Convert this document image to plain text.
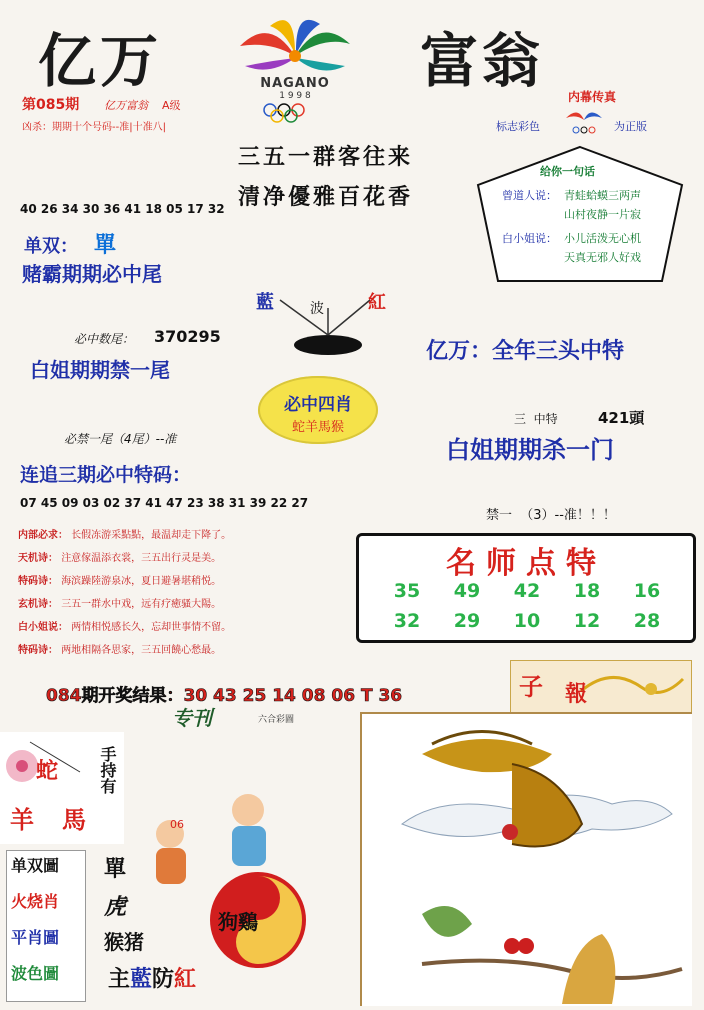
亿万	富翁
NAGANO
1 9 9 8
第085期 亿万富翁 A级
凶杀：期期十个号码--准|十准八|
内幕传真
标志彩色	为正版
三五一群客往来
清净優雅百花香
给你一句话
曾道人说： 青蛙蛤蟆三两声
山村夜静一片寂
白小姐说： 小儿活泼无心机
天真无邪人好戏
40 26 34 30 36 41 18 05 17 32
单双： 單
赌霸期期必中尾
藍	波 紅
必中数尾： 370295
白姐期期禁一尾
亿万：全年三头中特
必中四肖
蛇羊馬猴
三  中特	421頭
白姐期期杀一门
必禁一尾（4尾）--准
连追三期必中特码：
07 45 09 03 02 37 41 47 23 38 31 39 22 27
内部必求： 长假冻游采點點，最温却走下降了。
天机诗： 注意傢温添衣裳，三五出行灵是美。
特码诗： 海滨躁陸游泉冰，夏日避暑堪稍悦。
玄机诗： 三五一群水中戏，远有疗癒骚大陽。
白小姐说： 两情相悦感长久，忘却世事情不留。
特码诗： 两地相隔各思家，三五回饒心愁最。
禁一  （3）--准！！！
名师点特
35	49	42	18	16
32	29	10	12	28
084期开奖结果：30 43 25 14 08 06 T 36	子 報
专刊	六合彩圖
蛇
羊 馬
手持有
06
单双圖
火烧肖
平肖圖
波色圖
單
虎
猴猪
狗鷄
主藍防紅
